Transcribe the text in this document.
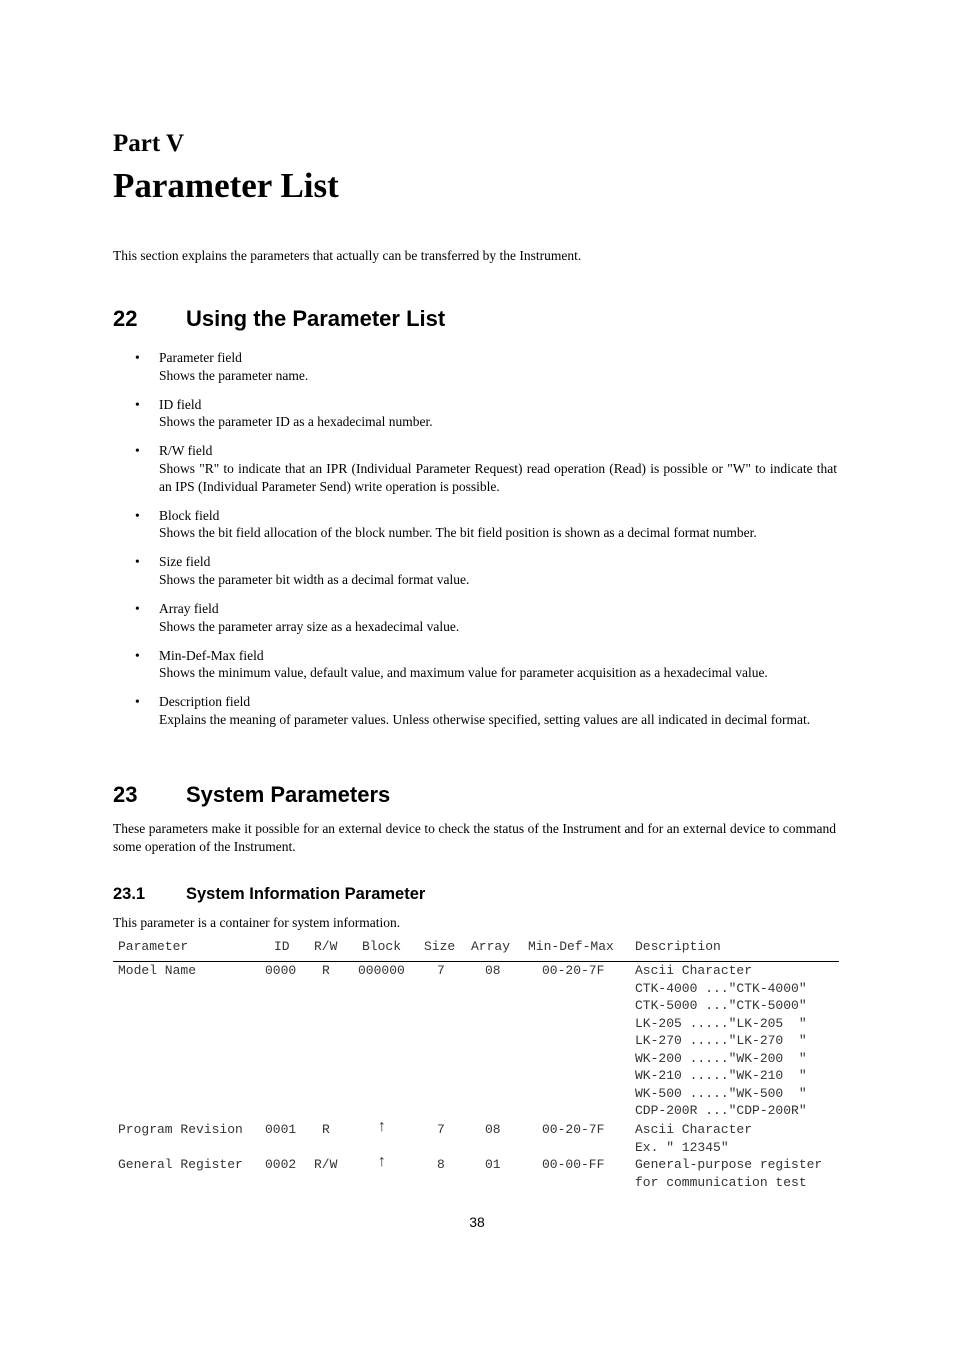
Part V
Parameter List
This section explains the parameters that actually can be transferred by the Instrument.
22 Using the Parameter List
• Parameter field
Shows the parameter name.
• ID field
Shows the parameter ID as a hexadecimal number.
• R/W field
Shows "R" to indicate that an IPR (Individual Parameter Request) read operation (Read) is possible or "W" to indicate that an IPS (Individual Parameter Send) write operation is possible.
• Block field
Shows the bit field allocation of the block number. The bit field position is shown as a decimal format number.
• Size field
Shows the parameter bit width as a decimal format value.
• Array field
Shows the parameter array size as a hexadecimal value.
• Min-Def-Max field
Shows the minimum value, default value, and maximum value for parameter acquisition as a hexadecimal value.
• Description field
Explains the meaning of parameter values. Unless otherwise specified, setting values are all indicated in decimal format.
23 System Parameters
These parameters make it possible for an external device to check the status of the Instrument and for an external device to command some operation of the Instrument.
23.1 System Information Parameter
This parameter is a container for system information.
Parameter	ID R/W Block Size Array Min-Def-Max Description
Model Name	0000 R 000000 7	08	00-20-7F Ascii Character
CTK-4000 ..."CTK-4000"
CTK-5000 ..."CTK-5000"
LK-205 ....."LK-205  "
LK-270 ....."LK-270  "
WK-200 ....."WK-200  "
WK-210 ....."WK-210  "
WK-500 ....."WK-500  "
CDP-200R ..."CDP-200R"
Program Revision 0001 R	↑	7	08	00-20-7F Ascii Character
Ex. " 12345"
General Register 0002 R/W ↑	8	01	00-00-FF General-purpose register
for communication test
38
